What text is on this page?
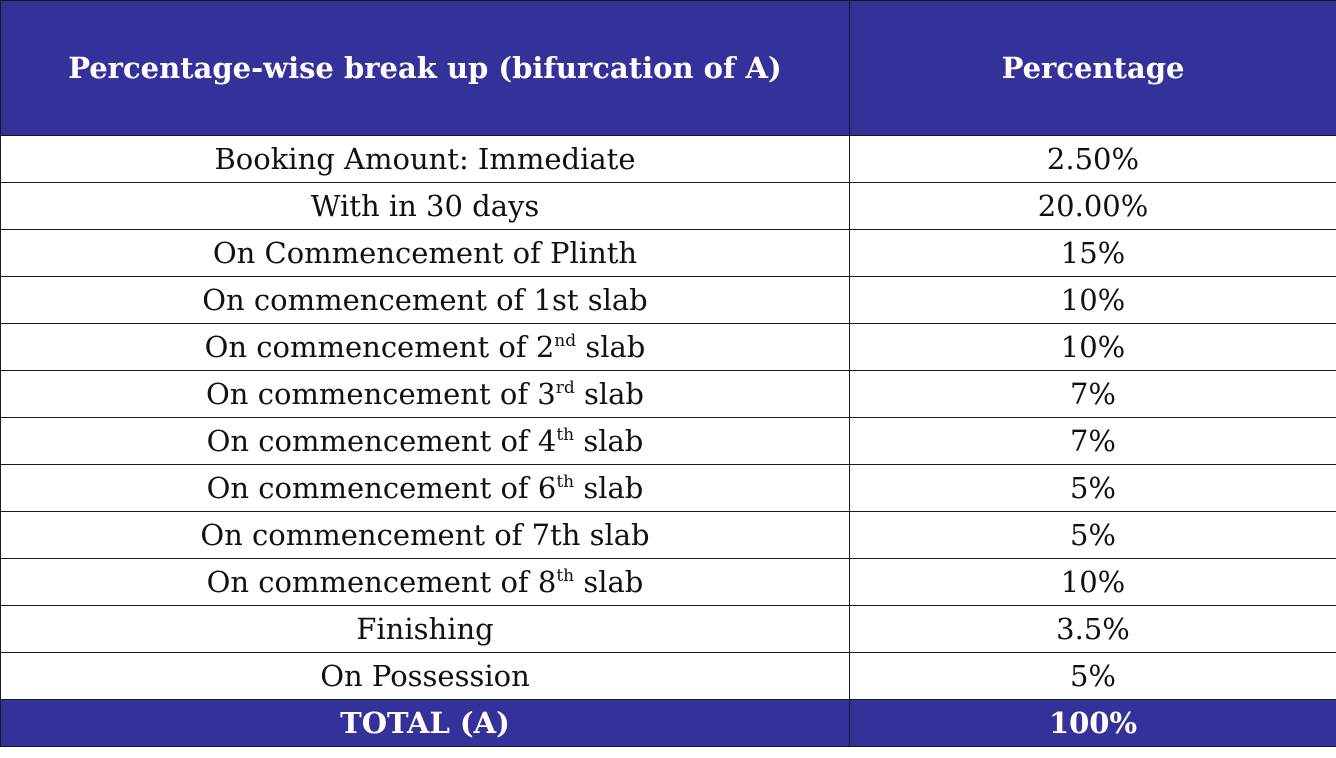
Percentage-wise break up (bifurcation of A)	Percentage
Booking Amount: Immediate	2.50%
With in 30 days	20.00%
On Commencement of Plinth	15%
On commencement of 1st slab	10%
On commencement of 2nd slab	10%
On commencement of 3rd slab	7%
On commencement of 4th slab	7%
On commencement of 6th slab	5%
On commencement of 7th slab	5%
On commencement of 8th slab	10%
Finishing	3.5%
On Possession	5%
TOTAL (A)	100%
